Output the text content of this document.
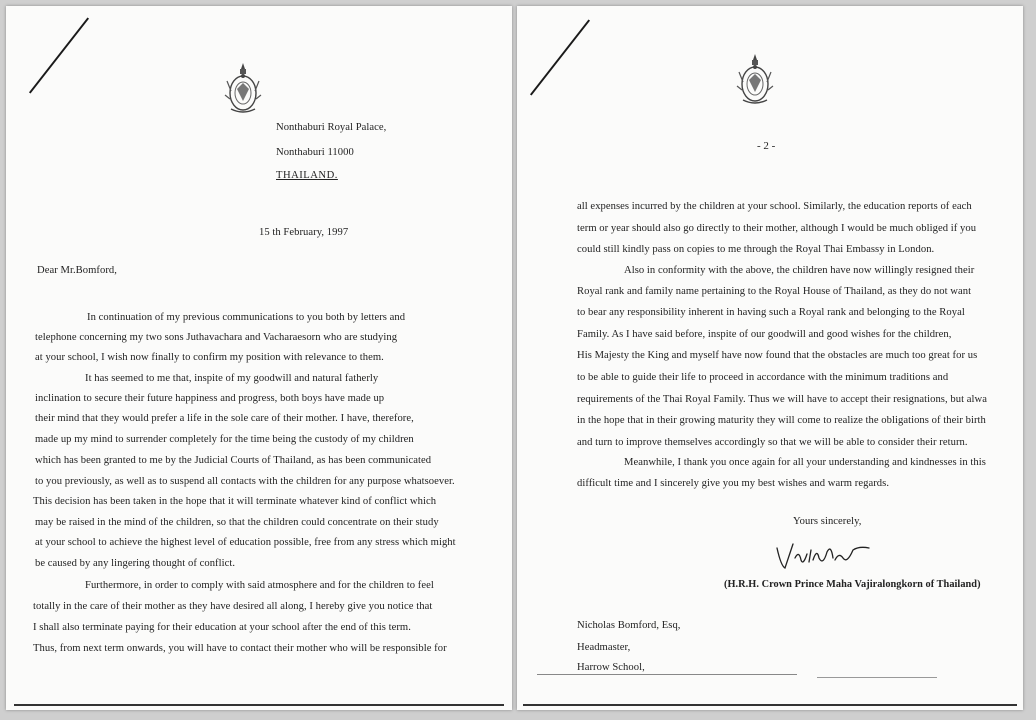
Nonthaburi Royal Palace,
Nonthaburi 11000
THAILAND.
15 th February, 1997
Dear Mr.Bomford,
In continuation of my previous communications to you both by letters and
telephone concerning my two sons Juthavachara and Vacharaesorn who are studying
at your school, I wish now finally to confirm my position with relevance to them.
It has seemed to me that, inspite of my goodwill and natural fatherly
inclination to secure their future happiness and progress, both boys have made up
their mind that they would prefer a life in the sole care of their mother. I have, therefore,
made up my mind to surrender completely for the time being the custody of my children
which has been granted to me by the Judicial Courts of Thailand, as has been communicated
to you previously, as well as to suspend all contacts with the children for any purpose whatsoever.
This decision has been taken in the hope that it will terminate whatever kind of conflict which
may be raised in the mind of the children, so that the children could concentrate on their study
at your school to achieve the highest level of education possible, free from any stress which might
be caused by any lingering thought of conflict.
Furthermore, in order to comply with said atmosphere and for the children to feel
totally in the care of their mother as they have desired all along, I hereby give you notice that
I shall also terminate paying for their education at your school after the end of this term.
Thus, from next term onwards, you will have to contact their mother who will be responsible for
- 2 -
all expenses incurred by the children at your school. Similarly, the education reports of each
term or year should also go directly to their mother, although I would be much obliged if you
could still kindly pass on copies to me through the Royal Thai Embassy in London.
Also in conformity with the above, the children have now willingly resigned their
Royal rank and family name pertaining to the Royal House of Thailand, as they do not want
to bear any responsibility inherent in having such a Royal rank and belonging to the Royal
Family. As I have said before, inspite of our goodwill and good wishes for the children,
His Majesty the King and myself have now found that the obstacles are much too great for us
to be able to guide their life to proceed in accordance with the minimum traditions and
requirements of the Thai Royal Family. Thus we will have to accept their resignations, but alwa
in the hope that in their growing maturity they will come to realize the obligations of their birth
and turn to improve themselves accordingly so that we will be able to consider their return.
Meanwhile, I thank you once again for all your understanding and kindnesses in this
difficult time and I sincerely give you my best wishes and warm regards.
Yours sincerely,
(H.R.H. Crown Prince Maha Vajiralongkorn of Thailand)
Nicholas Bomford, Esq,
Headmaster,
Harrow School,
